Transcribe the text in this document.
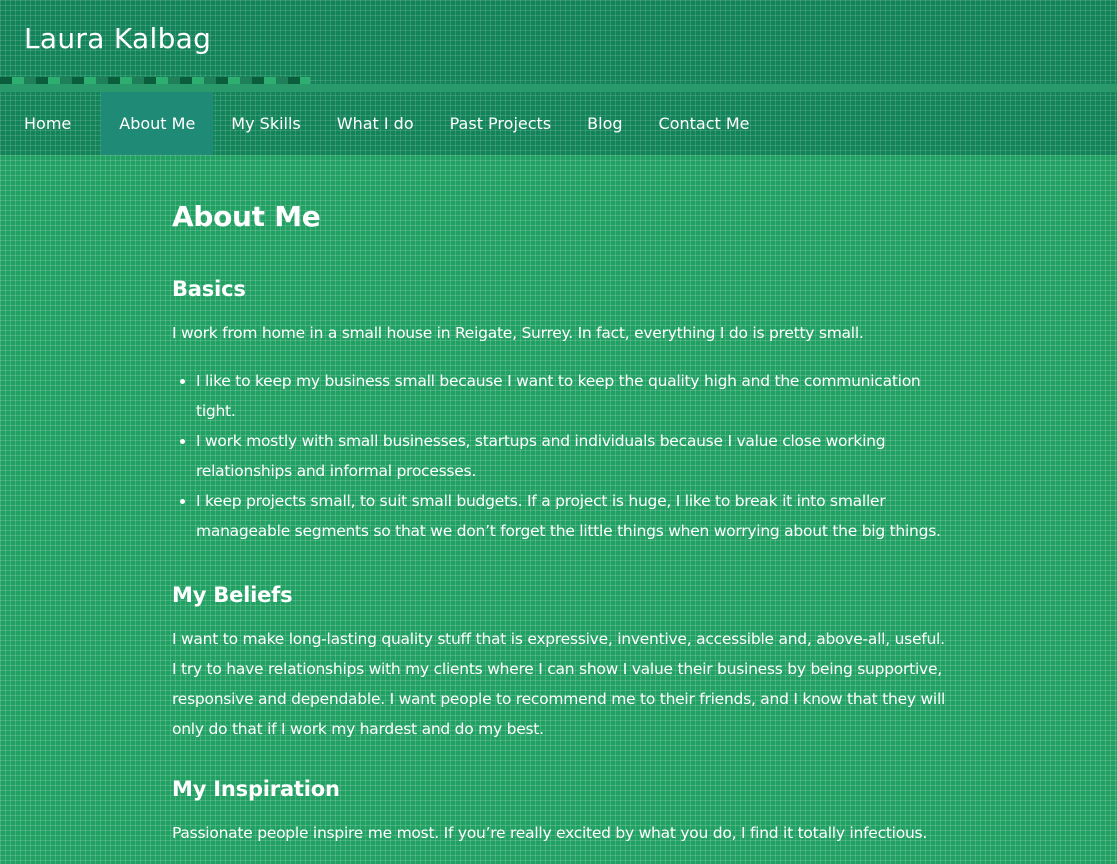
Laura Kalbag
Home	About Me	My Skills	What I do	Past Projects	Blog	Contact Me
About Me
Basics

I work from home in a small house in Reigate, Surrey. In fact, everything I do is pretty small.

• I like to keep my business small because I want to keep the quality high and the communication tight.
• I work mostly with small businesses, startups and individuals because I value close working relationships and informal processes.
• I keep projects small, to suit small budgets. If a project is huge, I like to break it into smaller manageable segments so that we don’t forget the little things when worrying about the big things.
My Beliefs

I want to make long-lasting quality stuff that is expressive, inventive, accessible and, above-all, useful. I try to have relationships with my clients where I can show I value their business by being supportive, responsive and dependable. I want people to recommend me to their friends, and I know that they will only do that if I work my hardest and do my best.

My Inspiration

Passionate people inspire me most. If you’re really excited by what you do, I find it totally infectious.
